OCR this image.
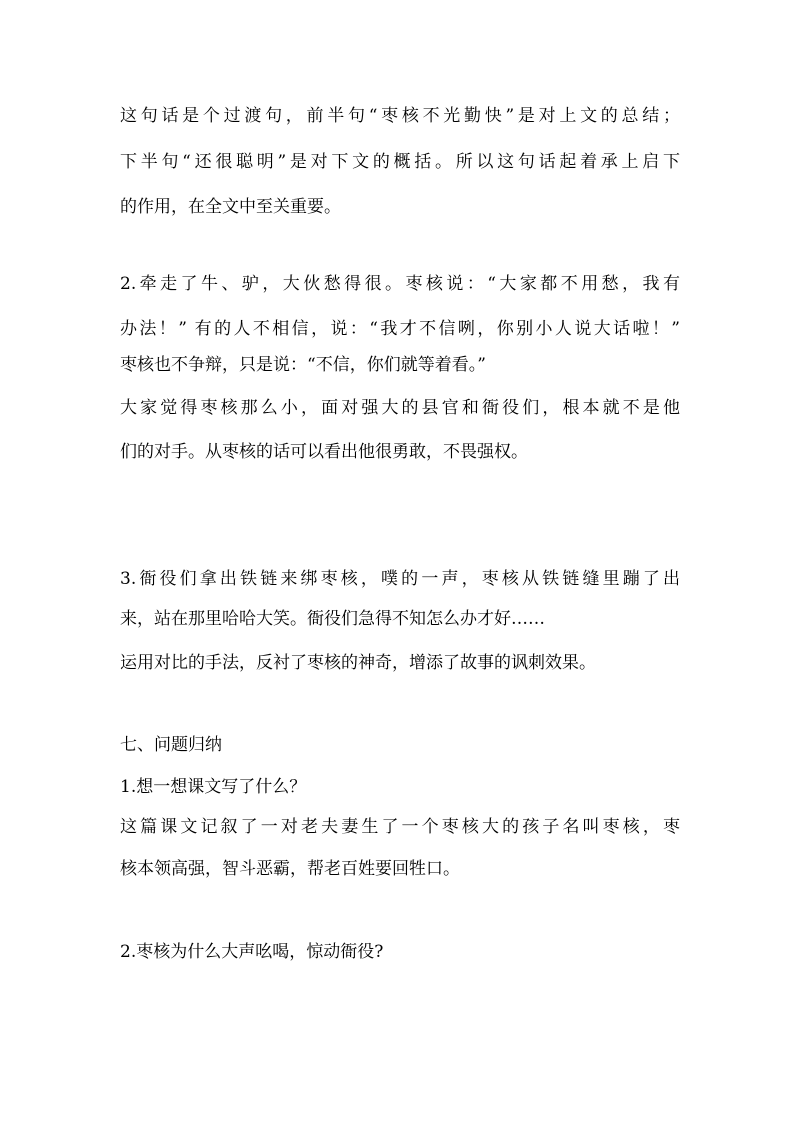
这句话是个过渡句，前半句“枣核不光勤快”是对上文的总结；
下半句“还很聪明”是对下文的概括。所以这句话起着承上启下
的作用，在全文中至关重要。
2.牵走了牛、驴，大伙愁得很。枣核说：“大家都不用愁，我有
办法！” 有的人不相信，说：“我才不信咧，你别小人说大话啦！”
枣核也不争辩，只是说：“不信，你们就等着看。”
大家觉得枣核那么小，面对强大的县官和衙役们，根本就不是他
们的对手。从枣核的话可以看出他很勇敢，不畏强权。
3.衙役们拿出铁链来绑枣核，噗的一声，枣核从铁链缝里蹦了出
来，站在那里哈哈大笑。衙役们急得不知怎么办才好……
运用对比的手法，反衬了枣核的神奇，增添了故事的讽刺效果。
七、问题归纳
1.想一想课文写了什么？
这篇课文记叙了一对老夫妻生了一个枣核大的孩子名叫枣核，枣
核本领高强，智斗恶霸，帮老百姓要回牲口。
2.枣核为什么大声吆喝，惊动衙役?
